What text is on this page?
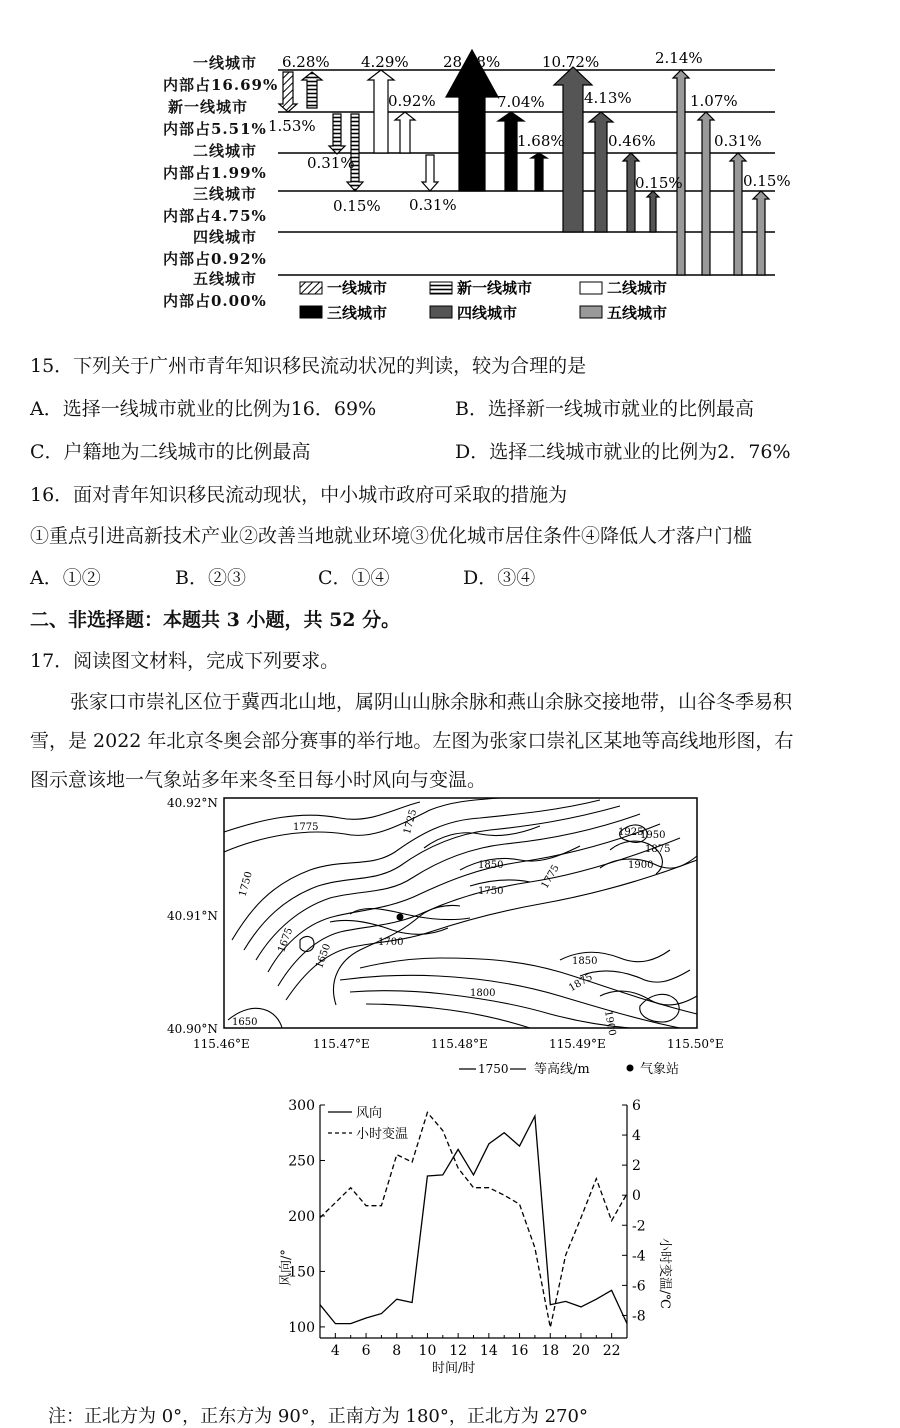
一线城市
内部占16.69%
新一线城市
内部占5.51%
二线城市
内部占1.99%
三线城市
内部占4.75%
四线城市
内部占0.92%
五线城市
内部占0.00%
6.28%
1.53%
4.29%
0.31%
0.92%
0.15% 0.31%
28.48%
7.04%
1.68%
10.72%
4.13%
0.46%
0.15%
2.14%
1.07%
0.31%
0.15%
一线城市	新一线城市	二线城市
三线城市	四线城市	五线城市
15．下列关于广州市青年知识移民流动状况的判读，较为合理的是
A．选择一线城市就业的比例为16．69%	B．选择新一线城市就业的比例最高
C．户籍地为二线城市的比例最高	D．选择二线城市就业的比例为2．76%
16．面对青年知识移民流动现状，中小城市政府可采取的措施为
①重点引进高新技术产业②改善当地就业环境③优化城市居住条件④降低人才落户门槛
A．①②	B．②③	C．①④	D．③④
二、非选择题：本题共 3 小题，共 52 分。
17．阅读图文材料，完成下列要求。
张家口市崇礼区位于冀西北山地，属阴山山脉余脉和燕山余脉交接地带，山谷冬季易积
雪，是 2022 年北京冬奥会部分赛事的举行地。左图为张家口崇礼区某地等高线地形图，右
图示意该地一气象站多年来冬至日每小时风向与变温。
1775	1725	1950
1925
1875
1900
1850
1750
1775
1750
1675
1650	1700
1800
1850
1875
1900
1650
40.92°N
40.91°N
40.90°N
115.46°E	115.47°E	115.48°E	115.49°E	115.50°E
1750 等高线/m	气象站
100
150
200
250
300	6
4
2
0
-2
-4
-6
-8
4 6 8 10 12 14 16 18 20 22
风向
小时变温
时间/时
风向/°	小时变温/℃
注：正北方为 0°，正东方为 90°，正南方为 180°，正北方为 270°
